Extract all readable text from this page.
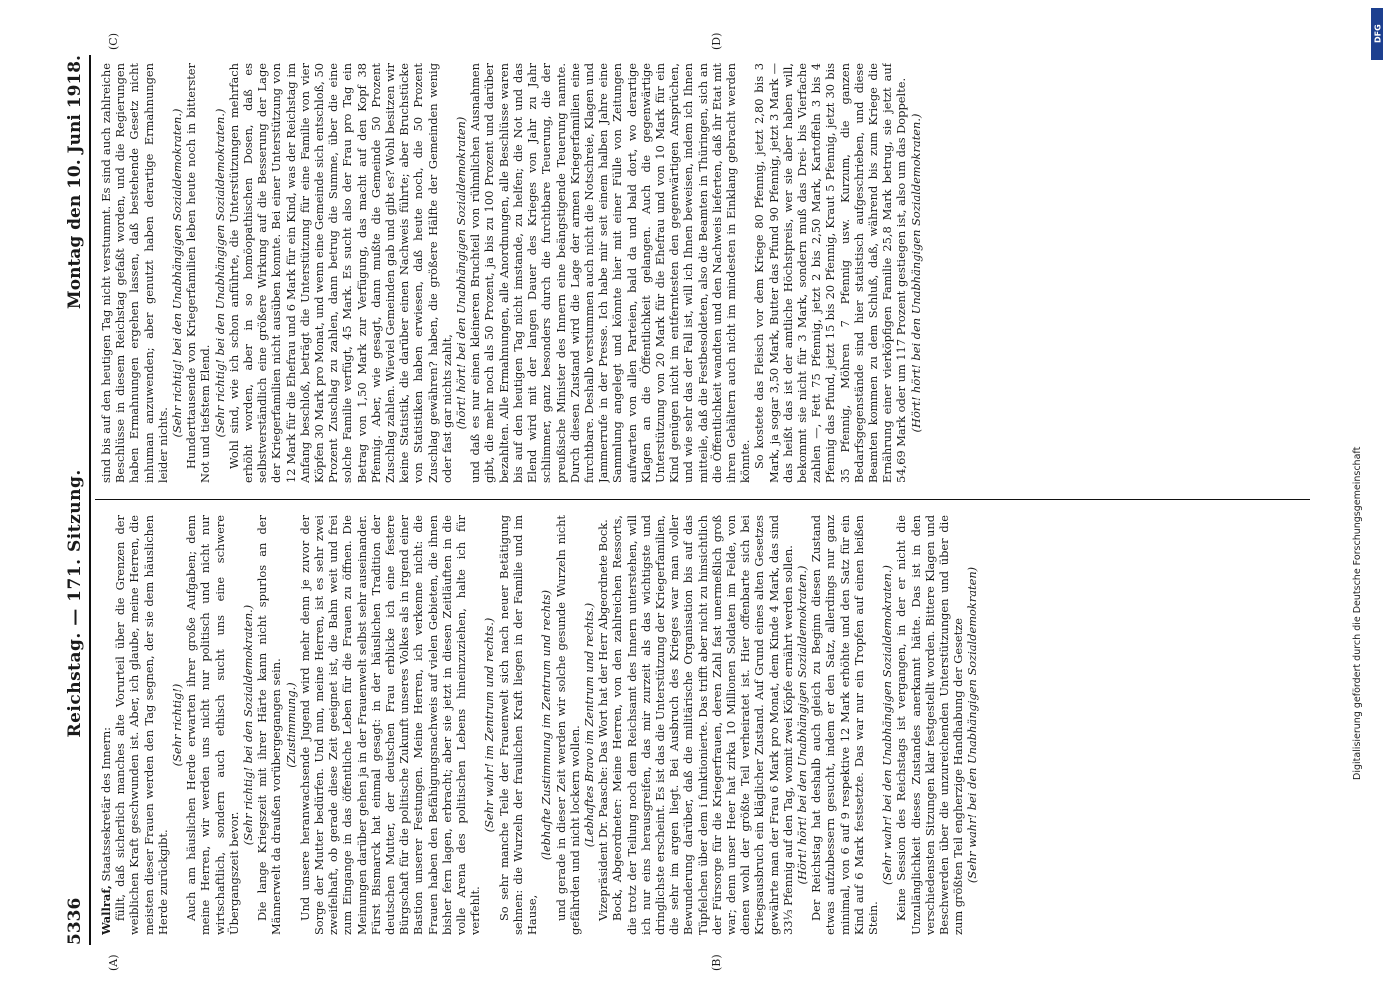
5336
Reichstag. — 171. Sitzung.
Montag den 10. Juni 1918.
(A)	(B)
(C)	(D)

Wallraf, Staatssekretär des Innern: füllt, daß sicherlich manches alte Vorurteil über die Grenzen der weiblichen Kraft geschwunden ist. Aber, ich glaube, meine Herren, die meisten dieser Frauen werden den Tag segnen, der sie dem häuslichen Herde zurückgibt.

(Sehr richtig!) Auch am häuslichen Herde erwarten ihrer große Aufgaben; denn meine Herren, wir werden uns nicht nur politisch und nicht nur wirtschaftlich, sondern auch ethisch sucht uns eine schwere Übergangszeit bevor.

(Sehr richtig! bei den Sozialdemokraten.) Die lange Kriegszeit mit ihrer Härte kann nicht spurlos an der Männerwelt da draußen vorübergegangen sein. (Zustimmung.) Und unsere heranwachsende Jugend wird mehr denn je zuvor der Sorge der Mutter bedürfen. Und nun, meine Herren, ist es sehr zwei zweifelhaft, ob gerade diese Zeit geeignet ist, die Bahn weit und frei zum Eingange in das öffentliche Leben für die Frauen zu öffnen. Die Meinungen darüber gehen ja in der Frauenwelt selbst sehr auseinander. Fürst Bismarck hat einmal gesagt: in der häuslichen Tradition der deutschen Mutter, der deutschen Frau erblicke ich eine festere Bürgschaft für die politische Zukunft unseres Volkes als in irgend einer Bastion unserer Festungen. Meine Herren, ich verkenne nicht: die Frauen haben den Befähigungsnachweis auf vielen Gebieten, die ihnen bisher fern lagen, erbracht; aber sie jetzt in diesen Zeitläuften in die volle Arena des politischen Lebens hineinzuziehen, halte ich für verfehlt.

(Sehr wahr! im Zentrum und rechts.) So sehr manche Teile der Frauenwelt sich nach neuer Betätigung sehnen: die Wurzeln der fraulichen Kraft liegen in der Familie und im Hause,

(lebhafte Zustimmung im Zentrum und rechts) und gerade in dieser Zeit werden wir solche gesunde Wurzeln nicht gefährden und nicht lockern wollen. (Lebhaftes Bravo im Zentrum und rechts.) Vizepräsident Dr. Paasche: Das Wort hat der Herr Abgeordnete Bock. Bock, Abgeordneter: Meine Herren, von den zahlreichen Ressorts, die trotz der Teilung noch dem Reichsamt des Innern unterstehen, will ich nur eins herausgreifen, das mir zurzeit als das wichtigste und dringlichste erscheint. Es ist das die Unterstützung der Kriegerfamilien, die sehr im argen liegt. Bei Ausbruch des Krieges war man voller Bewunderung darüber, daß die militärische Organisation bis auf das Tüpfelchen über dem i funktionierte. Das trifft aber nicht zu hinsichtlich der Fürsorge für die Kriegerfrauen, deren Zahl fast unermeßlich groß war; denn unser Heer hat zirka 10 Millionen Soldaten im Felde, von denen wohl der größte Teil verheiratet ist. Hier offenbarte sich bei Kriegsausbruch ein kläglicher Zustand. Auf Grund eines alten Gesetzes gewährte man der Frau 6 Mark pro Monat, dem Kinde 4 Mark, das sind 33⅓ Pfennig auf den Tag, womit zwei Köpfe ernährt werden sollen. (Hört! hört! bei den Unabhängigen Sozialdemokraten.) Der Reichstag hat deshalb auch gleich zu Beginn diesen Zustand etwas aufzubessern gesucht, indem er den Satz, allerdings nur ganz minimal, von 6 auf 9 respektive 12 Mark erhöhte und den Satz für ein Kind auf 6 Mark festsetzte. Das war nur ein Tropfen auf einen heißen Stein.

(Sehr wahr! bei den Unabhängigen Sozialdemokraten.) Keine Session des Reichstags ist vergangen, in der er nicht die Unzulänglichkeit dieses Zustandes anerkannt hätte. Das ist in den verschiedensten Sitzungen klar festgestellt worden. Bittere Klagen und Beschwerden über die unzureichenden Unterstützungen und über die zum größten Teil engherzige Handhabung der Gesetze (Sehr wahr! bei den Unabhängigen Sozialdemokraten)

sind bis auf den heutigen Tag nicht verstummt. Es sind auch zahlreiche Beschlüsse in diesem Reichstag gefaßt worden, und die Regierungen haben Ermahnungen ergehen lassen, daß bestehende Gesetz nicht inhuman anzuwenden; aber genutzt haben derartige Ermahnungen leider nichts.

(Sehr richtig! bei den Unabhängigen Sozialdemokraten.) Hunderttausende von Kriegerfamilien leben heute noch in bitterster Not und tiefstem Elend. (Sehr richtig! bei den Unabhängigen Sozialdemokraten.) Wohl sind, wie ich schon anführte, die Unterstützungen mehrfach erhöht worden, aber in so homöopathischen Dosen, daß es selbstverständlich eine größere Wirkung auf die Besserung der Lage der Kriegerfamilien nicht ausüben konnte. Bei einer Unterstützung von 12 Mark für die Ehefrau und 6 Mark für ein Kind, was der Reichstag im Anfang beschloß, beträgt die Unterstützung für eine Familie von vier Köpfen 30 Mark pro Monat, und wenn eine Gemeinde sich entschloß, 50 Prozent Zuschlag zu zahlen, dann betrug die Summe, über die eine solche Familie verfügt, 45 Mark. Es sucht also der Frau pro Tag ein Betrag von 1,50 Mark zur Verfügung, das macht auf den Kopf 38 Pfennig. Aber, wie gesagt, dann mußte die Gemeinde 50 Prozent Zuschlag zahlen. Wieviel Gemeinden gab und gibt es? Wohl besitzen wir keine Statistik, die darüber einen Nachweis führte; aber Bruchstücke von Statistiken haben erwiesen, daß heute noch, die 50 Prozent Zuschlag gewähren? haben, die größere Hälfte der Gemeinden wenig oder fast gar nichts zahlt, (hört! hört! bei den Unabhängigen Sozialdemokraten) und daß es nur einen kleineren Bruchteil von rühmlichen Ausnahmen gibt, die mehr noch als 50 Prozent, ja bis zu 100 Prozent und darüber bezahlten. Alle Ermahnungen, alle Anordnungen, alle Beschlüsse waren bis auf den heutigen Tag nicht imstande, zu helfen; die Not und das Elend wird mit der langen Dauer des Krieges von Jahr zu Jahr schlimmer, ganz besonders durch die furchtbare Teuerung, die der preußische Minister des Innern eine beängstigende Teuerung nannte. Durch diesen Zustand wird die Lage der armen Kriegerfamilien eine furchtbare. Deshalb verstummen auch nicht die Notschreie, Klagen und Jammerrufe in der Presse. Ich habe mir seit einem halben Jahre eine Sammlung angelegt und könnte hier mit einer Fülle von Zeitungen aufwarten von allen Parteien, bald da und bald dort, wo derartige Klagen an die Öffentlichkeit gelangen. Auch die gegenwärtige Unterstützung von 20 Mark für die Ehefrau und von 10 Mark für ein Kind genügen nicht im entferntesten den gegenwärtigen Ansprüchen, und wie sehr das der Fall ist, will ich Ihnen beweisen, indem ich Ihnen mitteile, daß die Festbesoldeten, also die Beamten in Thüringen, sich an die Öffentlichkeit wandten und den Nachweis lieferten, daß ihr Etat mit ihren Gehältern auch nicht im mindesten in Einklang gebracht werden könnte. So kostete das Fleisch vor dem Kriege 80 Pfennig, jetzt 2,80 bis 3 Mark, ja sogar 3,50 Mark, Butter das Pfund 90 Pfennig, jetzt 3 Mark — das heißt das ist der amtliche Höchstpreis, wer sie aber haben will, bekommt sie nicht für 3 Mark, sondern muß das Drei- bis Vierfache zahlen —, Fett 75 Pfennig, jetzt 2 bis 2,50 Mark, Kartoffeln 3 bis 4 Pfennig das Pfund, jetzt 15 bis 20 Pfennig, Kraut 5 Pfennig, jetzt 30 bis 35 Pfennig, Möhren 7 Pfennig usw. Kurzum, die ganzen Bedarfsgegenstände sind hier statistisch aufgeschrieben, und diese Beamten kommen zu dem Schluß, daß, während bis zum Kriege die Ernährung einer vierköpfigen Familie 25,8 Mark betrug, sie jetzt auf 54,69 Mark oder um 117 Prozent gestiegen ist, also um das Doppelte. (Hört! hört! bei den Unabhängigen Sozialdemokraten.)

Digitalisierung gefördert durch die Deutsche Forschungsgemeinschaft
DFG
